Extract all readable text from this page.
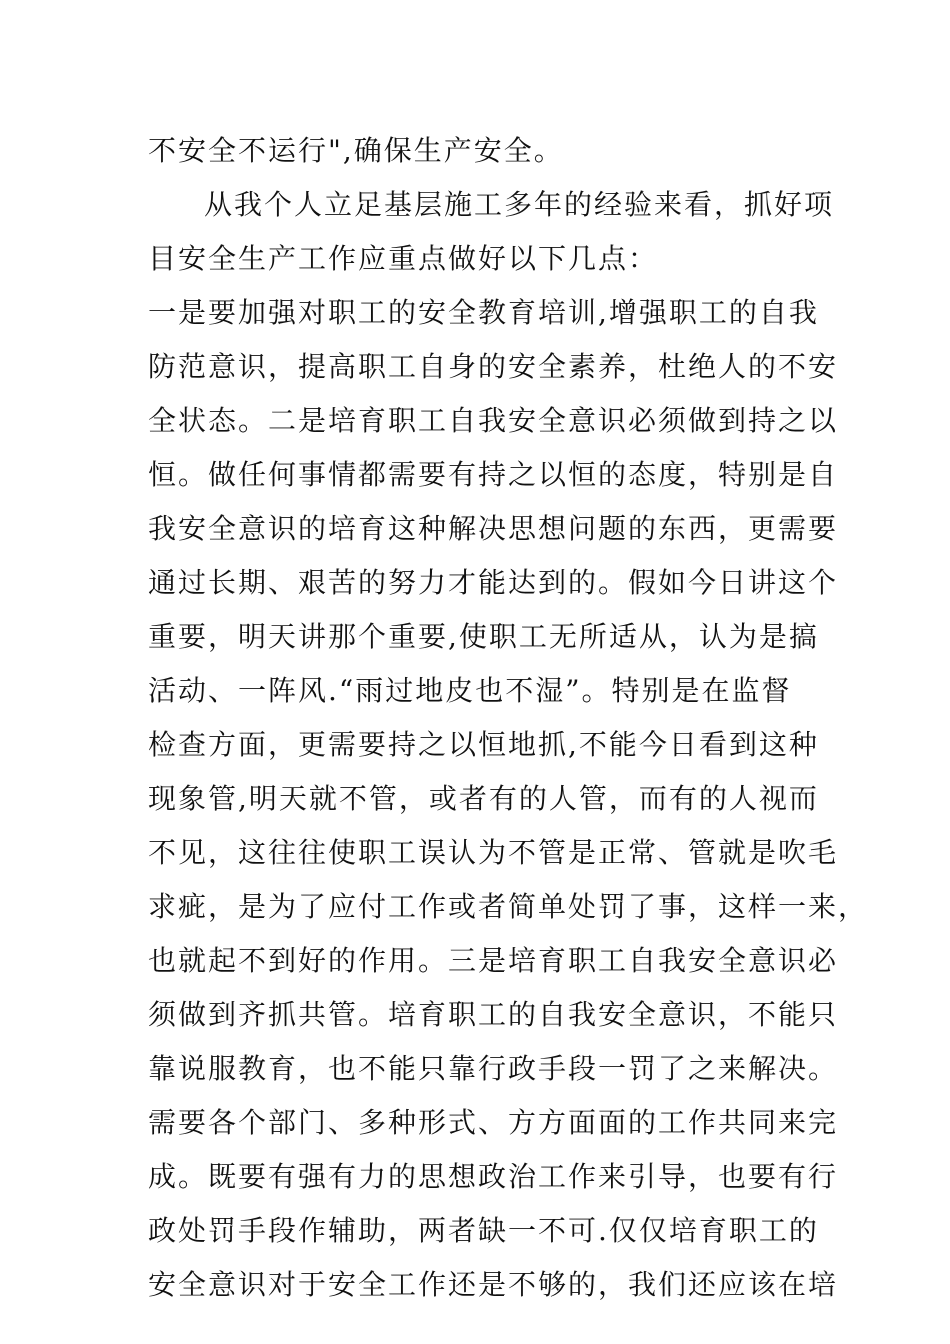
不安全不运行",确保生产安全。
从我个人立足基层施工多年的经验来看，抓好项
目安全生产工作应重点做好以下几点：
一是要加强对职工的安全教育培训,增强职工的自我
防范意识，提高职工自身的安全素养，杜绝人的不安
全状态。二是培育职工自我安全意识必须做到持之以
恒。做任何事情都需要有持之以恒的态度，特别是自
我安全意识的培育这种解决思想问题的东西，更需要
通过长期、艰苦的努力才能达到的。假如今日讲这个
重要，明天讲那个重要,使职工无所适从，认为是搞
活动、一阵风.“雨过地皮也不湿”。特别是在监督
检查方面，更需要持之以恒地抓,不能今日看到这种
现象管,明天就不管，或者有的人管，而有的人视而
不见，这往往使职工误认为不管是正常、管就是吹毛
求疵，是为了应付工作或者简单处罚了事，这样一来，
也就起不到好的作用。三是培育职工自我安全意识必
须做到齐抓共管。培育职工的自我安全意识，不能只
靠说服教育，也不能只靠行政手段一罚了之来解决。
需要各个部门、多种形式、方方面面的工作共同来完
成。既要有强有力的思想政治工作来引导，也要有行
政处罚手段作辅助，两者缺一不可.仅仅培育职工的
安全意识对于安全工作还是不够的，我们还应该在培
